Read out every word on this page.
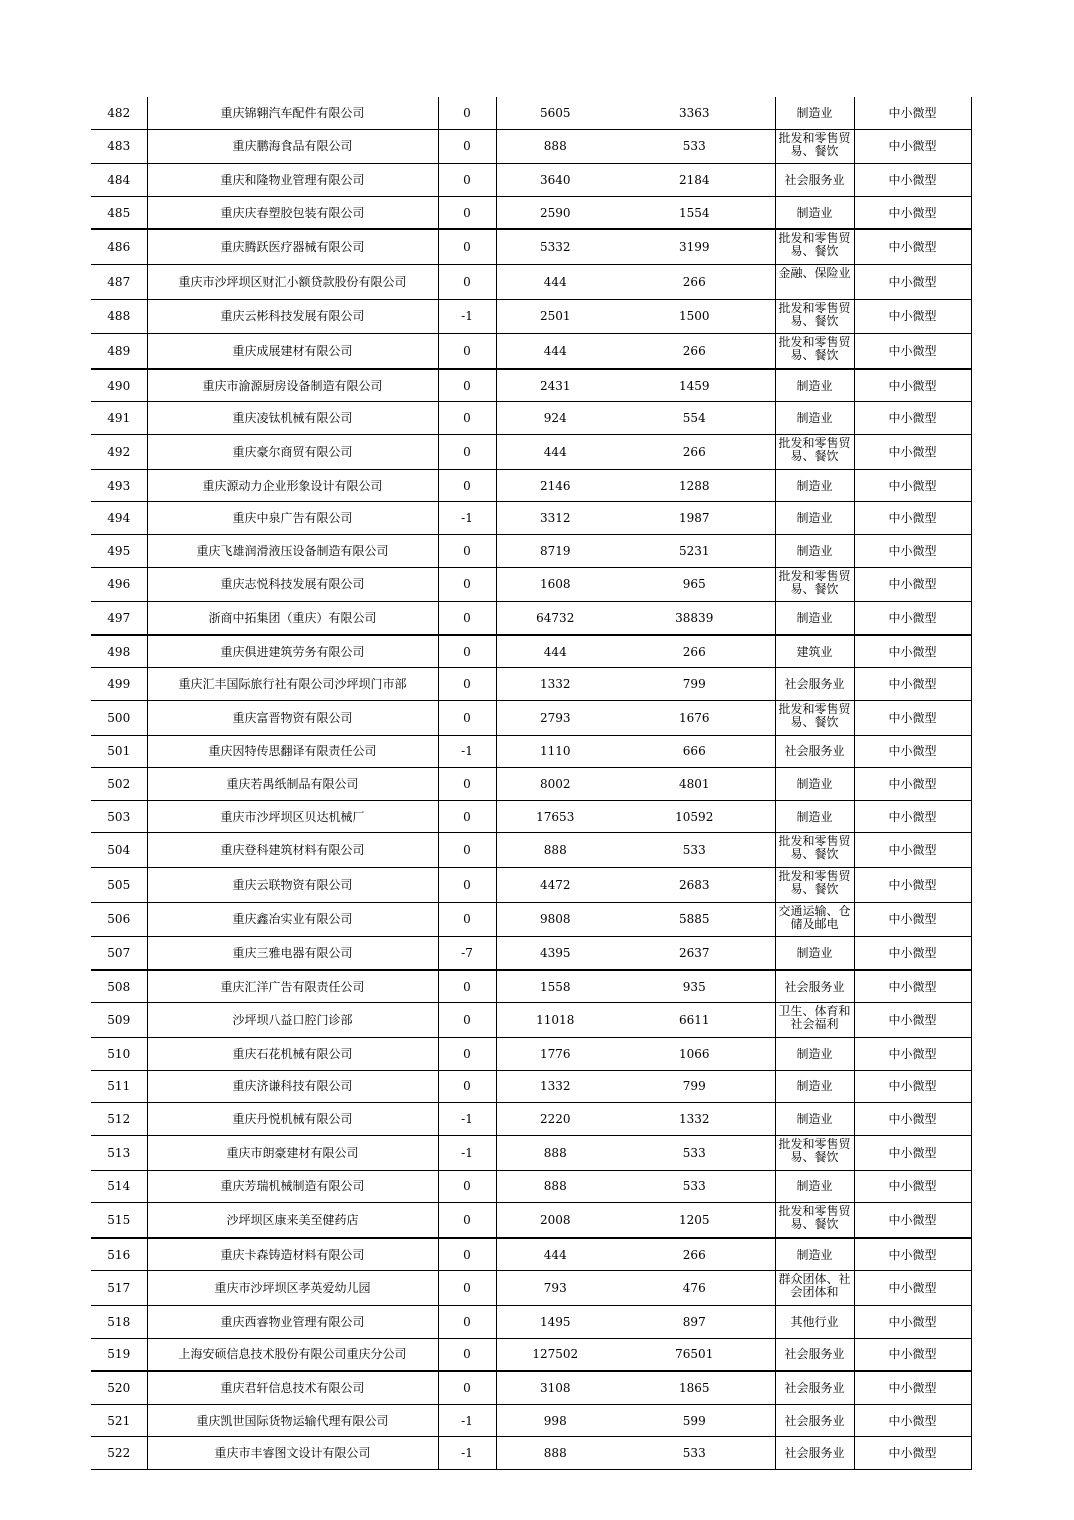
482	重庆锦翱汽车配件有限公司	0	5605	3363	制造业	中小微型
483	重庆鹏海食品有限公司	0	888	533	批发和零售贸易、餐饮	中小微型
484	重庆和隆物业管理有限公司	0	3640	2184	社会服务业	中小微型
485	重庆庆春塑胶包装有限公司	0	2590	1554	制造业	中小微型
486	重庆腾跃医疗器械有限公司	0	5332	3199	批发和零售贸易、餐饮	中小微型
487	重庆市沙坪坝区财汇小额贷款股份有限公司	0	444	266	金融、保险业	中小微型
488	重庆云彬科技发展有限公司	-1	2501	1500	批发和零售贸易、餐饮	中小微型
489	重庆成展建材有限公司	0	444	266	批发和零售贸易、餐饮	中小微型
490	重庆市渝源厨房设备制造有限公司	0	2431	1459	制造业	中小微型
491	重庆凌钛机械有限公司	0	924	554	制造业	中小微型
492	重庆豪尔商贸有限公司	0	444	266	批发和零售贸易、餐饮	中小微型
493	重庆源动力企业形象设计有限公司	0	2146	1288	制造业	中小微型
494	重庆中泉广告有限公司	-1	3312	1987	制造业	中小微型
495	重庆飞雄润滑液压设备制造有限公司	0	8719	5231	制造业	中小微型
496	重庆志悦科技发展有限公司	0	1608	965	批发和零售贸易、餐饮	中小微型
497	浙商中拓集团（重庆）有限公司	0	64732	38839	制造业	中小微型
498	重庆俱进建筑劳务有限公司	0	444	266	建筑业	中小微型
499	重庆汇丰国际旅行社有限公司沙坪坝门市部	0	1332	799	社会服务业	中小微型
500	重庆富晋物资有限公司	0	2793	1676	批发和零售贸易、餐饮	中小微型
501	重庆因特传思翻译有限责任公司	-1	1110	666	社会服务业	中小微型
502	重庆若禺纸制品有限公司	0	8002	4801	制造业	中小微型
503	重庆市沙坪坝区贝达机械厂	0	17653	10592	制造业	中小微型
504	重庆登科建筑材料有限公司	0	888	533	批发和零售贸易、餐饮	中小微型
505	重庆云联物资有限公司	0	4472	2683	批发和零售贸易、餐饮	中小微型
506	重庆鑫冶实业有限公司	0	9808	5885	交通运输、仓储及邮电	中小微型
507	重庆三雅电器有限公司	-7	4395	2637	制造业	中小微型
508	重庆汇洋广告有限责任公司	0	1558	935	社会服务业	中小微型
509	沙坪坝八益口腔门诊部	0	11018	6611	卫生、体育和社会福利	中小微型
510	重庆石花机械有限公司	0	1776	1066	制造业	中小微型
511	重庆济谦科技有限公司	0	1332	799	制造业	中小微型
512	重庆丹悦机械有限公司	-1	2220	1332	制造业	中小微型
513	重庆市朗豪建材有限公司	-1	888	533	批发和零售贸易、餐饮	中小微型
514	重庆芳瑞机械制造有限公司	0	888	533	制造业	中小微型
515	沙坪坝区康来美至健药店	0	2008	1205	批发和零售贸易、餐饮	中小微型
516	重庆卡森铸造材料有限公司	0	444	266	制造业	中小微型
517	重庆市沙坪坝区孝英爱幼儿园	0	793	476	群众团体、社会团体和	中小微型
518	重庆西睿物业管理有限公司	0	1495	897	其他行业	中小微型
519	上海安硕信息技术股份有限公司重庆分公司	0	127502	76501	社会服务业	中小微型
520	重庆君轩信息技术有限公司	0	3108	1865	社会服务业	中小微型
521	重庆凯世国际货物运输代理有限公司	-1	998	599	社会服务业	中小微型
522	重庆市丰睿图文设计有限公司	-1	888	533	社会服务业	中小微型
